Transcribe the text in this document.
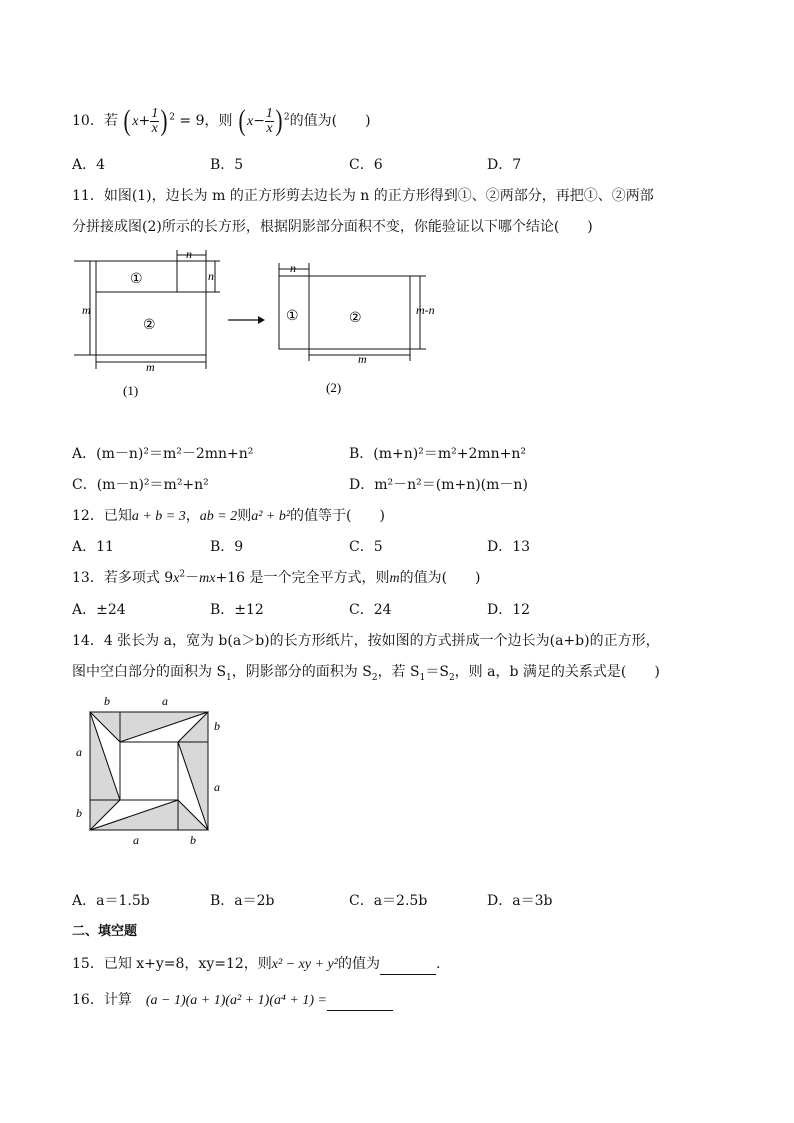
10．若 ( $x+ \frac{1}{x}$ ) $^2$ = 9，则 ( $x- \frac{1}{x}$ ) $^2$的值为(　　)
A．4	B．5	C．6	D．7
11．如图(1)，边长为 m 的正方形剪去边长为 n 的正方形得到①、②两部分，再把①、②两部
分拼接成图(2)所示的长方形，根据阴影部分面积不变，你能验证以下哪个结论(　　)
n
n
m
m
①
②
(1)
n
m-n
m
①	②
(2)
A．(m－n)²＝m²－2mn+n²	B．(m+n)²＝m²+2mn+n²
C．(m－n)²＝m²+n²	D．m²－n²＝(m+n)(m－n)
12．已知a + b = 3，ab = 2则a² + b²的值等于(　　)
A．11	B．9	C．5	D．13
13．若多项式 $9x^2-mx+16$ 是一个完全平方式，则m的值为(　　)
A．±24	B．±12	C．24	D．12
14．4 张长为 a，宽为 b(a＞b)的长方形纸片，按如图的方式拼成一个边长为(a+b)的正方形，
图中空白部分的面积为 $S_1$，阴影部分的面积为 $S_2$，若 $S_1=S_2$，则 a，b 满足的关系式是(　　)
b	a
b
a
a
b
a	b
A．a＝1.5b	B．a＝2b	C．a＝2.5b	D．a＝3b
二、填空题
15．已知 x+y=8，xy=12，则x² − xy + y²的值为	.
16．计算 (a − 1)(a + 1)(a² + 1)(a⁴ + 1) =
